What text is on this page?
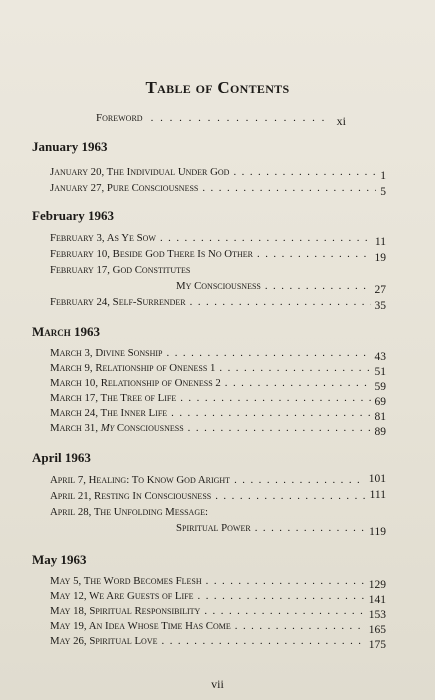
Table of Contents
Foreword . . .	xi
January 1963
January 20, The Individual Under God . . .	1
January 27, Pure Consciousness . . .	5
February 1963
February 3, As Ye Sow . . .	11
February 10, Beside God There Is No Other . . .	19
February 17, God Constitutes
My Consciousness . . .	27
February 24, Self-Surrender . . .	35
March 1963
March 3, Divine Sonship . . .	43
March 9, Relationship of Oneness 1 . . .	51
March 10, Relationship of Oneness 2 . . .	59
March 17, The Tree of Life . . .	69
March 24, The Inner Life . . .	81
March 31, My Consciousness . . .	89
April 1963
April 7, Healing: To Know God Aright . . .	101
April 21, Resting In Consciousness . . .	111
April 28, The Unfolding Message:
Spiritual Power . . .	119
May 1963
May 5, The Word Becomes Flesh . . .	129
May 12, We Are Guests of Life . . .	141
May 18, Spiritual Responsibility . . .	153
May 19, An Idea Whose Time Has Come . . .	165
May 26, Spiritual Love . . .	175
vii
